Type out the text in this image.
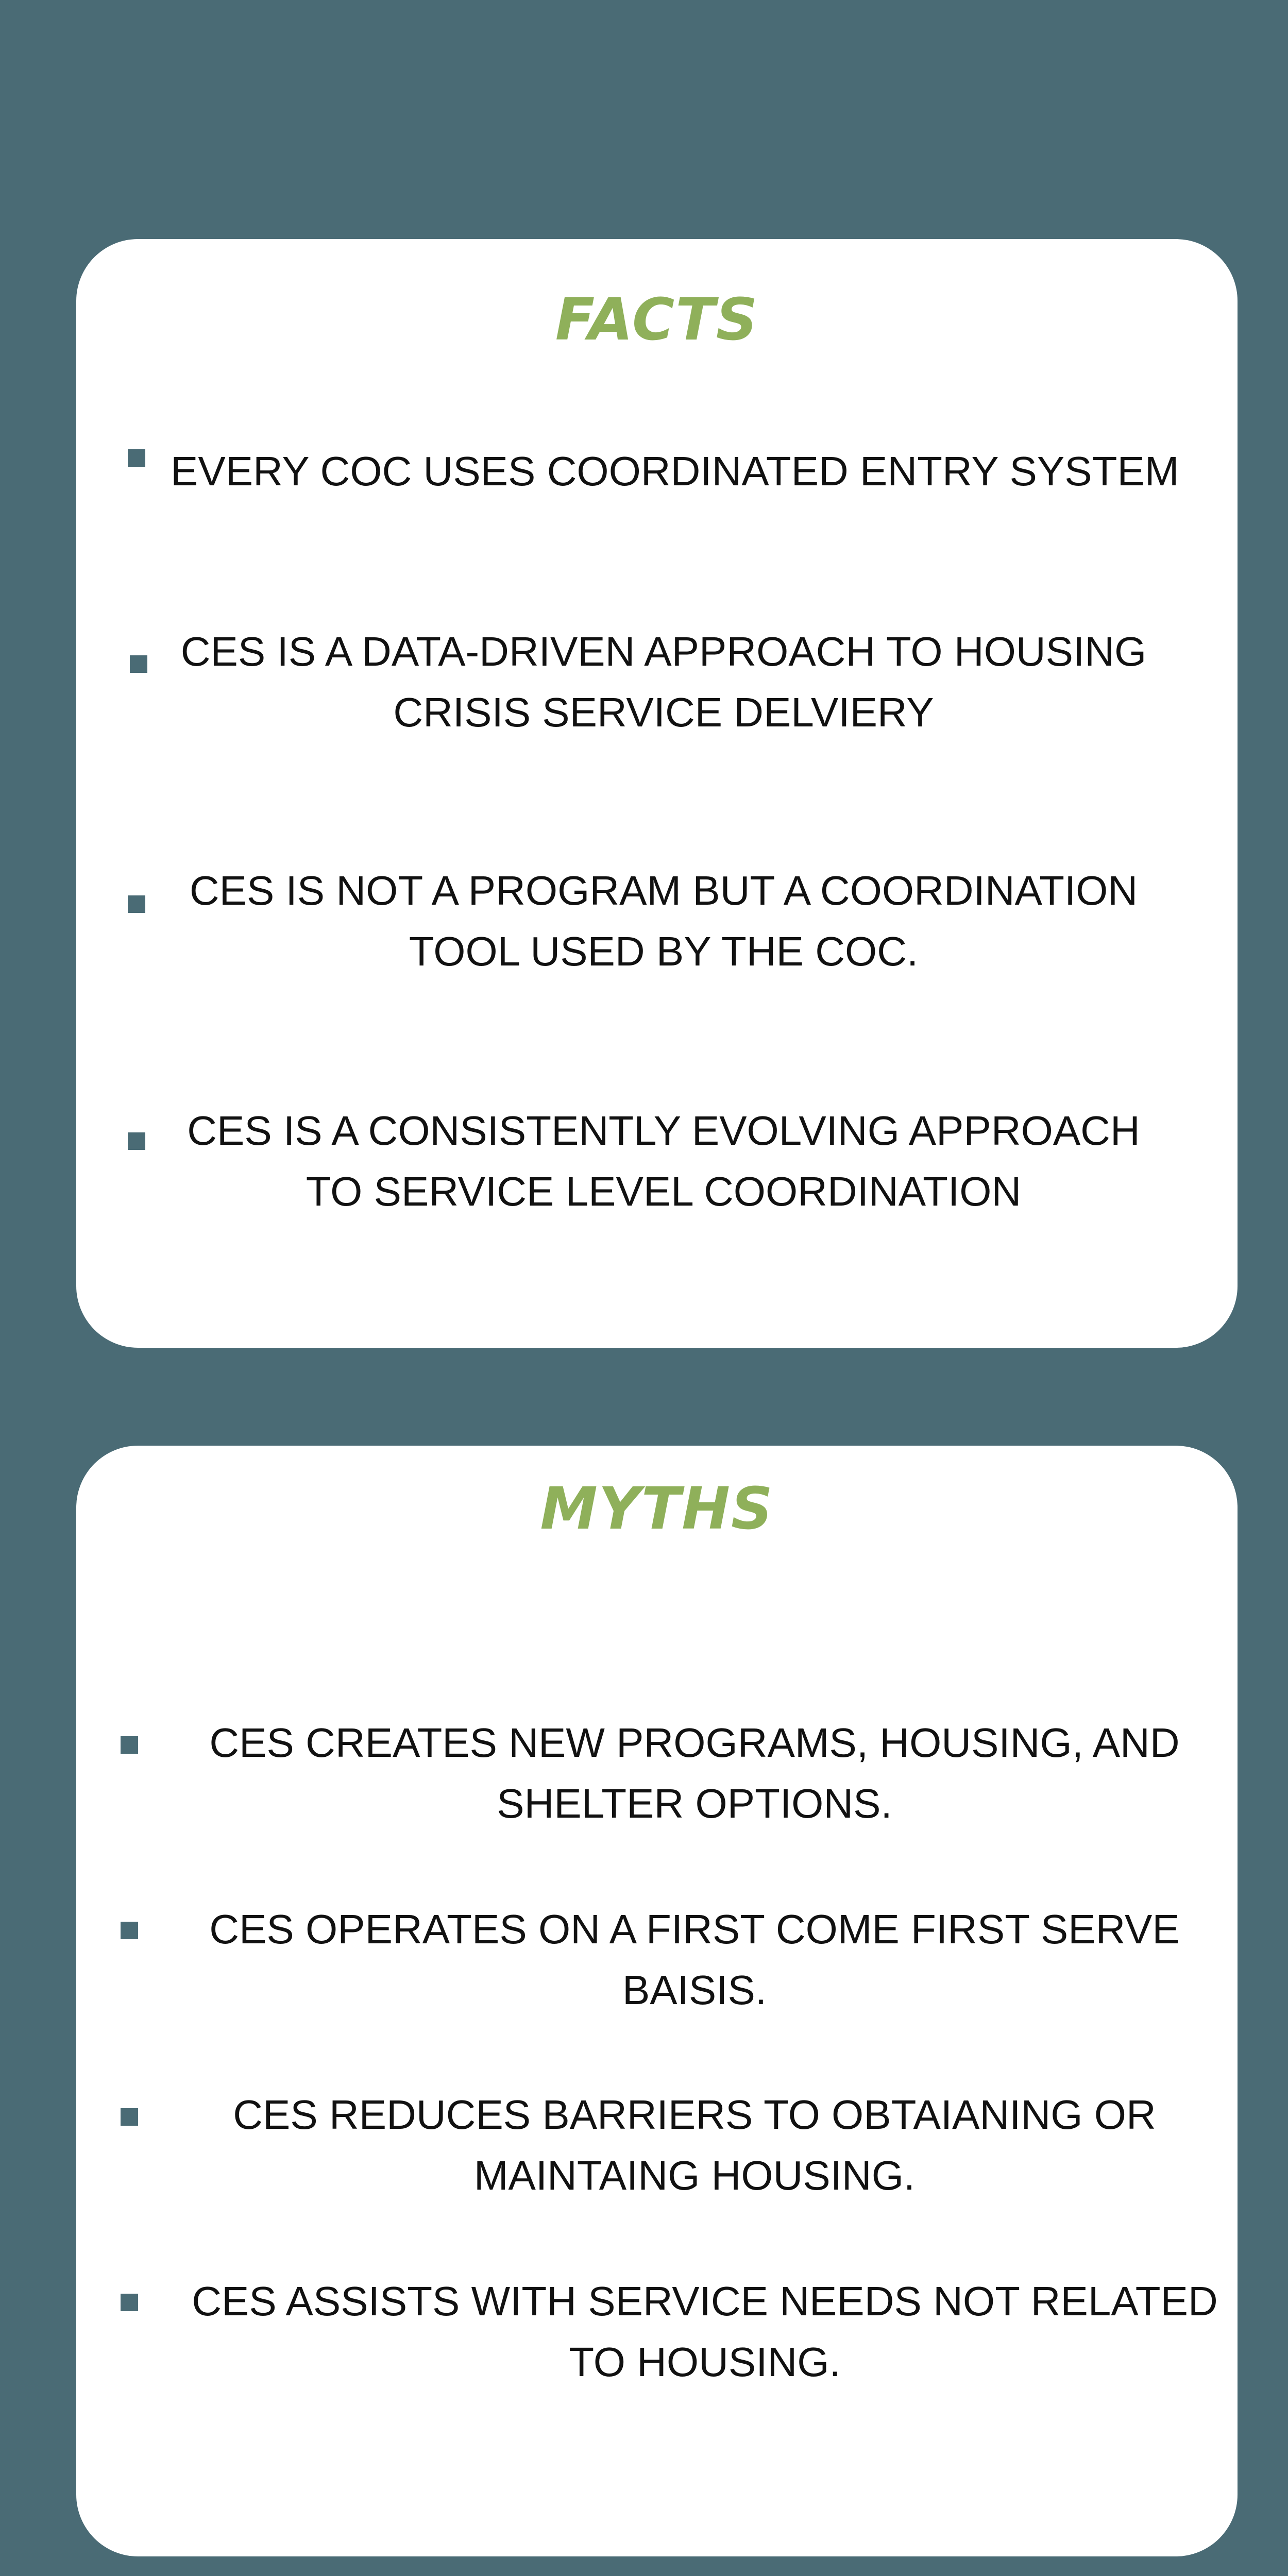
FACTS

EVERY COC USES COORDINATED ENTRY SYSTEM

CES IS A DATA-DRIVEN APPROACH TO HOUSING CRISIS SERVICE DELVIERY

CES IS NOT A PROGRAM BUT A COORDINATION TOOL USED BY THE COC.

CES IS A CONSISTENTLY EVOLVING APPROACH TO SERVICE LEVEL COORDINATION

MYTHS

CES CREATES NEW PROGRAMS, HOUSING, AND SHELTER OPTIONS.

CES OPERATES ON A FIRST COME FIRST SERVE BAISIS.

CES REDUCES BARRIERS TO OBTAIANING OR MAINTAING HOUSING.

CES ASSISTS WITH SERVICE NEEDS NOT RELATED TO HOUSING.
